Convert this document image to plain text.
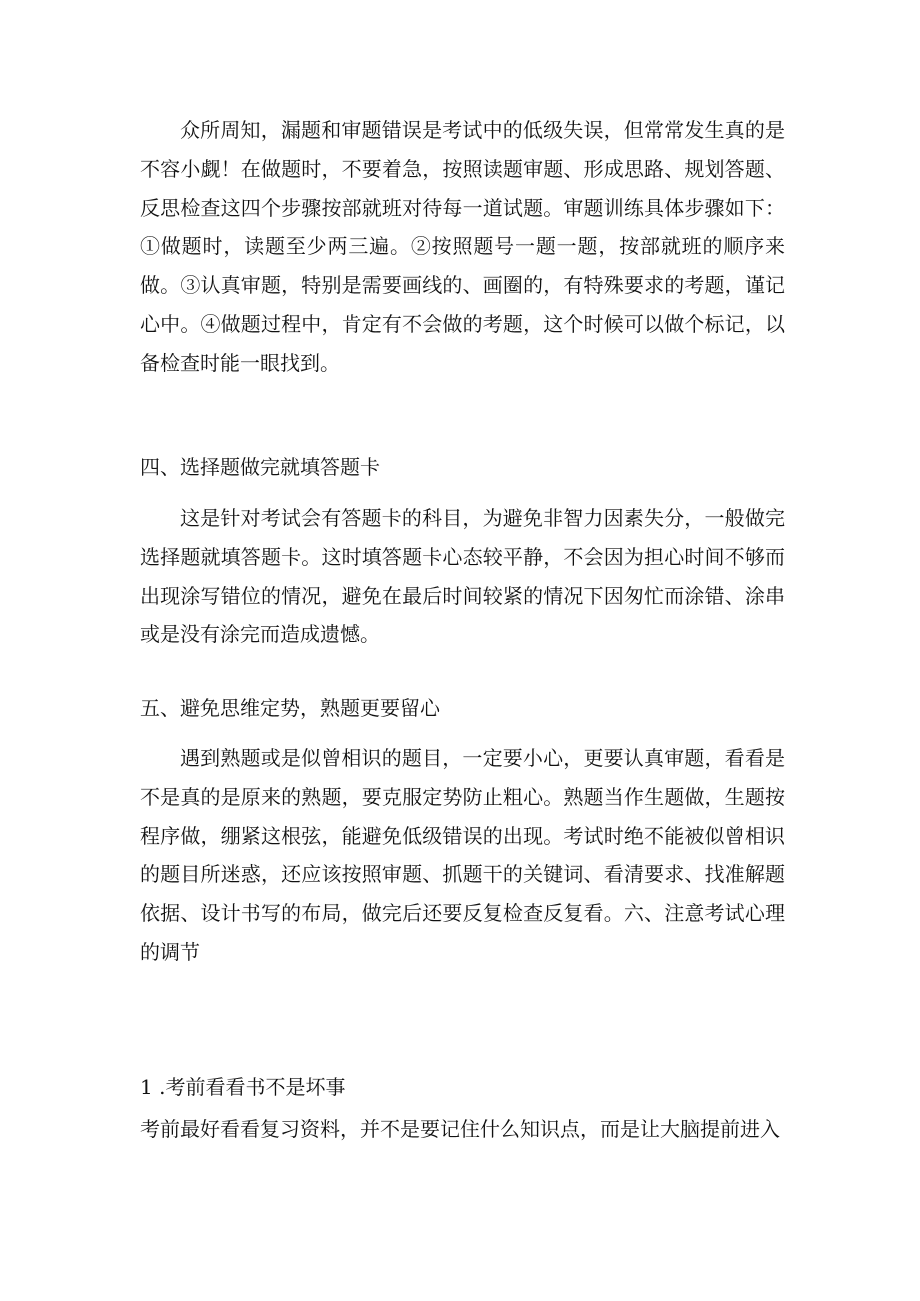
众所周知，漏题和审题错误是考试中的低级失误，但常常发生真的是不容小觑！在做题时，不要着急，按照读题审题、形成思路、规划答题、反思检查这四个步骤按部就班对待每一道试题。审题训练具体步骤如下：①做题时，读题至少两三遍。②按照题号一题一题，按部就班的顺序来做。③认真审题，特别是需要画线的、画圈的，有特殊要求的考题，谨记心中。④做题过程中，肯定有不会做的考题，这个时候可以做个标记，以备检查时能一眼找到。

四、选择题做完就填答题卡

这是针对考试会有答题卡的科目，为避免非智力因素失分，一般做完选择题就填答题卡。这时填答题卡心态较平静，不会因为担心时间不够而出现涂写错位的情况，避免在最后时间较紧的情况下因匆忙而涂错、涂串或是没有涂完而造成遗憾。

五、避免思维定势，熟题更要留心

遇到熟题或是似曾相识的题目，一定要小心，更要认真审题，看看是不是真的是原来的熟题，要克服定势防止粗心。熟题当作生题做，生题按程序做，绷紧这根弦，能避免低级错误的出现。考试时绝不能被似曾相识的题目所迷惑，还应该按照审题、抓题干的关键词、看清要求、找准解题依据、设计书写的布局，做完后还要反复检查反复看。六、注意考试心理的调节

1 .考前看看书不是坏事

考前最好看看复习资料，并不是要记住什么知识点，而是让大脑提前进入
